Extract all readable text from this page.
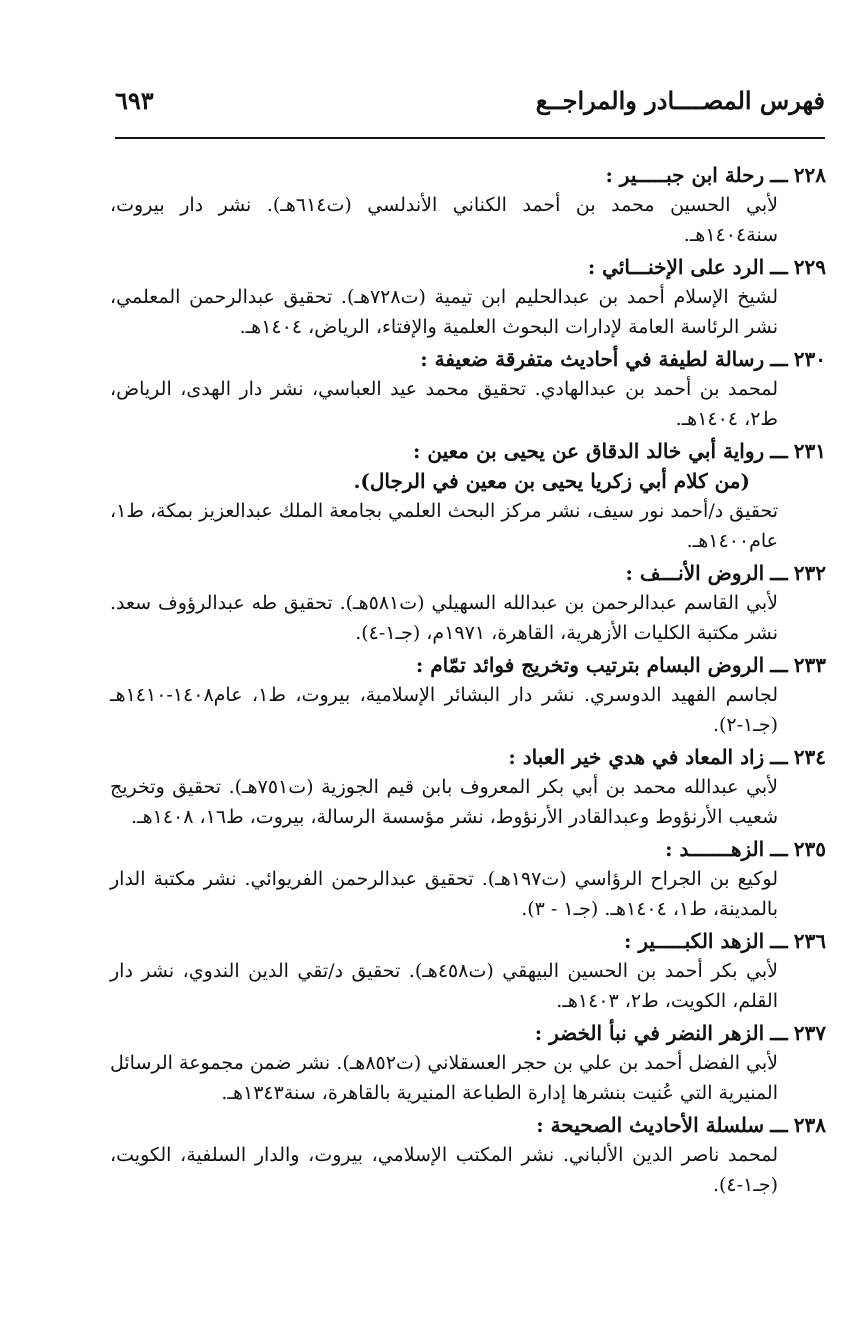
فهرس المصــــادر والمراجــع
٦٩٣
٢٢٨
ـــ
رحلة ابن جبـــــير :
لأبي الحسين محمد بن أحمد الكناني الأندلسي (ت٦١٤هـ). نشر دار بيروت، سنة١٤٠٤هـ.
٢٢٩
ـــ
الرد على الإخنـــائي :
لشيخ الإسلام أحمد بن عبدالحليم ابن تيمية (ت٧٢٨هـ). تحقيق عبدالرحمن المعلمي، نشر الرئاسة العامة لإدارات البحوث العلمية والإفتاء، الرياض، ١٤٠٤هـ.
٢٣٠
ـــ
رسالة لطيفة في أحاديث متفرقة ضعيفة :
لمحمد بن أحمد بن عبدالهادي. تحقيق محمد عيد العباسي، نشر دار الهدى، الرياض، ط٢، ١٤٠٤هـ.
٢٣١
ـــ
رواية أبي خالد الدقاق عن يحيى بن معين :
(من كلام أبي زكريا يحيى بن معين في الرجال).
تحقيق د/أحمد نور سيف، نشر مركز البحث العلمي بجامعة الملك عبدالعزيز بمكة، ط١، عام١٤٠٠هـ.
٢٣٢
ـــ
الروض الأنـــف :
لأبي القاسم عبدالرحمن بن عبدالله السهيلي (ت٥٨١هـ). تحقيق طه عبدالرؤوف سعد. نشر مكتبة الكليات الأزهرية، القاهرة، ١٩٧١م، (جـ١-٤).
٢٣٣
ـــ
الروض البسام بترتيب وتخريج فوائد تمّام :
لجاسم الفهيد الدوسري. نشر دار البشائر الإسلامية، بيروت، ط١، عام١٤٠٨-١٤١٠هـ (جـ١-٢).
٢٣٤
ـــ
زاد المعاد في هدي خير العباد :
لأبي عبدالله محمد بن أبي بكر المعروف بابن قيم الجوزية (ت٧٥١هـ). تحقيق وتخريج شعيب الأرنؤوط وعبدالقادر الأرنؤوط، نشر مؤسسة الرسالة، بيروت، ط١٦، ١٤٠٨هـ.
٢٣٥
ـــ
الزهـــــــد :
لوكيع بن الجراح الرؤاسي (ت١٩٧هـ). تحقيق عبدالرحمن الفريوائي. نشر مكتبة الدار بالمدينة، ط١، ١٤٠٤هـ. (جـ١ - ٣).
٢٣٦
ـــ
الزهد الكبـــــير :
لأبي بكر أحمد بن الحسين البيهقي (ت٤٥٨هـ). تحقيق د/تقي الدين الندوي، نشر دار القلم، الكويت، ط٢، ١٤٠٣هـ.
٢٣٧
ـــ
الزهر النضر في نبأ الخضر :
لأبي الفضل أحمد بن علي بن حجر العسقلاني (ت٨٥٢هـ). نشر ضمن مجموعة الرسائل المنيرية التي عُنيت بنشرها إدارة الطباعة المنيرية بالقاهرة، سنة١٣٤٣هـ.
٢٣٨
ـــ
سلسلة الأحاديث الصحيحة :
لمحمد ناصر الدين الألباني. نشر المكتب الإسلامي، بيروت، والدار السلفية، الكويت، (جـ١-٤).
